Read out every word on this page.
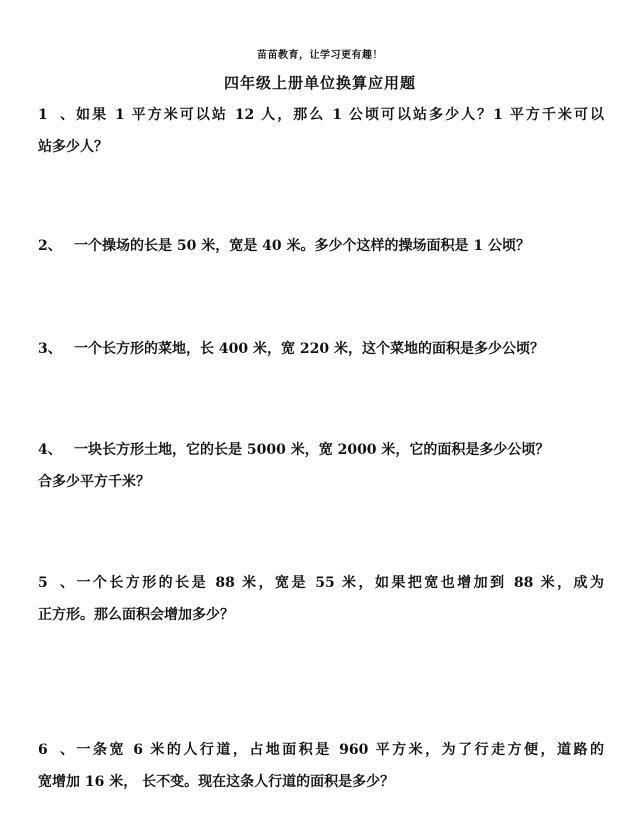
苗苗教育，让学习更有趣！
四年级上册单位换算应用题
1、如果 1 平方米可以站 12 人，那么 1 公顷可以站多少人？1 平方千米可以
站多少人？
2、 一个操场的长是 50 米，宽是 40 米。多少个这样的操场面积是 1 公顷？
3、 一个长方形的菜地，长 400 米，宽 220 米，这个菜地的面积是多少公顷？
4、 一块长方形土地，它的长是 5000 米，宽 2000 米，它的面积是多少公顷？
合多少平方千米？
5、一个长方形的长是 88 米，宽是 55 米，如果把宽也增加到 88 米，成为
正方形。那么面积会增加多少？
6、一条宽 6 米的人行道，占地面积是 960 平方米，为了行走方便，道路的
宽增加 16 米， 长不变。现在这条人行道的面积是多少？
